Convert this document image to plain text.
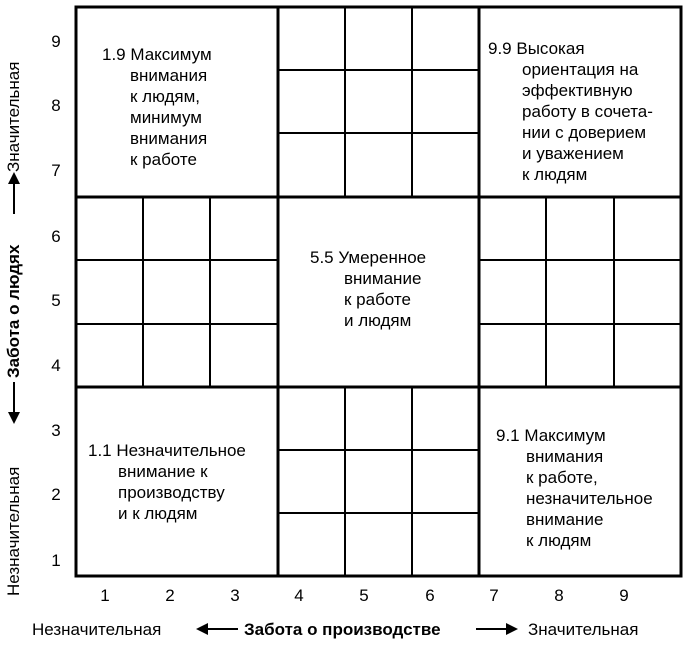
1.9 Максимум
внимания
к людям,
минимум
внимания
к работе
9.9 Высокая
ориентация на
эффективную
работу в сочета-
нии с доверием
и уважением
к людям
5.5 Умеренное
внимание
к работе
и людям
1.1 Незначительное
внимание к
производству
и к людям
9.1 Максимум
внимания
к работе,
незначительное
внимание
к людям
9
8
7
6
5
4
3
2
1
1	2	3	4	5	6	7	8	9
Незначительная	Значительная
Забота о производстве
Значительная
Забота о людях
Незначительная
